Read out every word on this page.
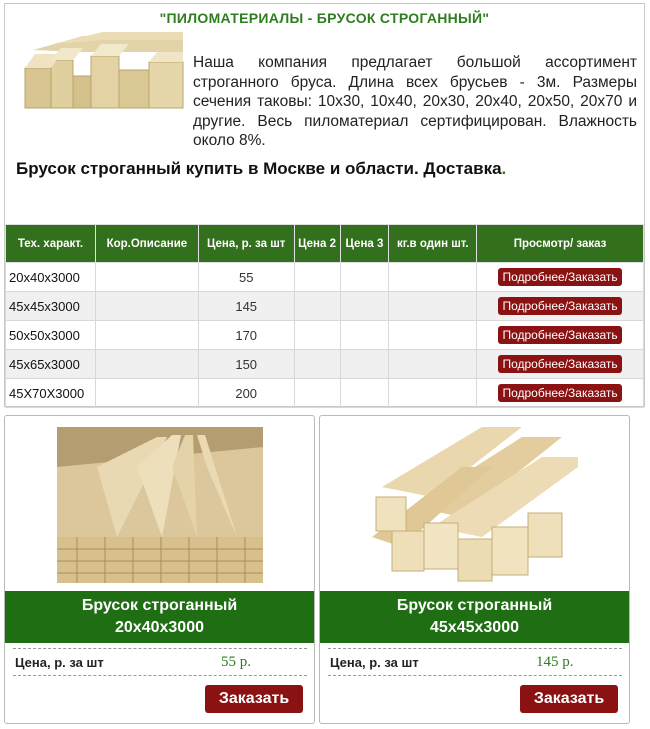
"ПИЛОМАТЕРИАЛЫ - БРУСОК СТРОГАННЫЙ"
Наша компания предлагает большой ассортимент строганного бруса. Длина всех брусьев - 3м. Размеры сечения таковы: 10х30, 10х40, 20х30, 20х40, 20х50, 20х70 и другие. Весь пиломатериал сертифицирован. Влажность около 8%.
Брусок строганный купить в Москве и области. Доставка.
Тех. характ.	Кор.Описание	Цена, р. за шт	Цена 2	Цена 3	кг.в один шт.	Просмотр/ заказ
20х40х3000		55				Подробнее/Заказать
45х45х3000		145				Подробнее/Заказать
50х50х3000		170				Подробнее/Заказать
45х65х3000		150				Подробнее/Заказать
45X70X3000		200				Подробнее/Заказать
Брусок строганный
20х40х3000
Цена, р. за шт	55 р.
Заказать
Брусок строганный
45х45х3000
Цена, р. за шт	145 р.
Заказать
